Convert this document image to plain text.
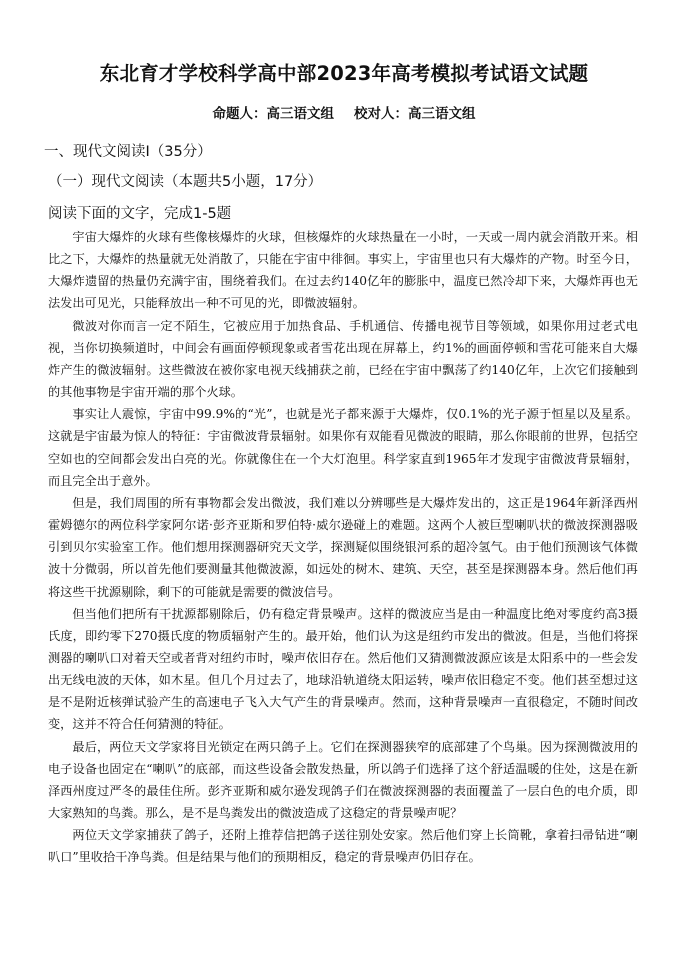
东北育才学校科学高中部2023年高考模拟考试语文试题
命题人：高三语文组 校对人：高三语文组
一、现代文阅读Ⅰ（35分）
（一）现代文阅读（本题共5小题，17分）
阅读下面的文字，完成1-5题

宇宙大爆炸的火球有些像核爆炸的火球，但核爆炸的火球热量在一小时，一天或一周内就会消散开来。相比之下，大爆炸的热量就无处消散了，只能在宇宙中徘徊。事实上，宇宙里也只有大爆炸的产物。时至今日，大爆炸遗留的热量仍充满宇宙，围绕着我们。在过去约140亿年的膨胀中，温度已然冷却下来，大爆炸再也无法发出可见光，只能释放出一种不可见的光，即微波辐射。

微波对你而言一定不陌生，它被应用于加热食品、手机通信、传播电视节目等领域，如果你用过老式电视，当你切换频道时，中间会有画面停顿现象或者雪花出现在屏幕上，约1%的画面停顿和雪花可能来自大爆炸产生的微波辐射。这些微波在被你家电视天线捕获之前，已经在宇宙中飘荡了约140亿年，上次它们接触到的其他事物是宇宙开端的那个火球。

事实让人震惊，宇宙中99.9%的“光”，也就是光子都来源于大爆炸，仅0.1%的光子源于恒星以及星系。这就是宇宙最为惊人的特征：宇宙微波背景辐射。如果你有双能看见微波的眼睛，那么你眼前的世界，包括空空如也的空间都会发出白亮的光。你就像住在一个大灯泡里。科学家直到1965年才发现宇宙微波背景辐射，而且完全出于意外。

但是，我们周围的所有事物都会发出微波，我们难以分辨哪些是大爆炸发出的，这正是1964年新泽西州霍姆德尔的两位科学家阿尔诺·彭齐亚斯和罗伯特·威尔逊碰上的难题。这两个人被巨型喇叭状的微波探测器吸引到贝尔实验室工作。他们想用探测器研究天文学，探测疑似围绕银河系的超冷氢气。由于他们预测该气体微波十分微弱，所以首先他们要测量其他微波源，如远处的树木、建筑、天空，甚至是探测器本身。然后他们再将这些干扰源剔除，剩下的可能就是需要的微波信号。

但当他们把所有干扰源都剔除后，仍有稳定背景噪声。这样的微波应当是由一种温度比绝对零度约高3摄氏度，即约零下270摄氏度的物质辐射产生的。最开始，他们认为这是纽约市发出的微波。但是，当他们将探测器的喇叭口对着天空或者背对纽约市时，噪声依旧存在。然后他们又猜测微波源应该是太阳系中的一些会发出无线电波的天体，如木星。但几个月过去了，地球沿轨道绕太阳运转，噪声依旧稳定不变。他们甚至想过这是不是附近核弹试验产生的高速电子飞入大气产生的背景噪声。然而，这种背景噪声一直很稳定，不随时间改变，这并不符合任何猜测的特征。

最后，两位天文学家将目光锁定在两只鸽子上。它们在探测器狭窄的底部建了个鸟巢。因为探测微波用的电子设备也固定在“喇叭”的底部，而这些设备会散发热量，所以鸽子们选择了这个舒适温暖的住处，这是在新泽西州度过严冬的最佳住所。彭齐亚斯和威尔逊发现鸽子们在微波探测器的表面覆盖了一层白色的电介质，即大家熟知的鸟粪。那么，是不是鸟粪发出的微波造成了这稳定的背景噪声呢？

两位天文学家捕获了鸽子，还附上推荐信把鸽子送往别处安家。然后他们穿上长筒靴，拿着扫帚钻进“喇叭口”里收拾干净鸟粪。但是结果与他们的预期相反，稳定的背景噪声仍旧存在。
